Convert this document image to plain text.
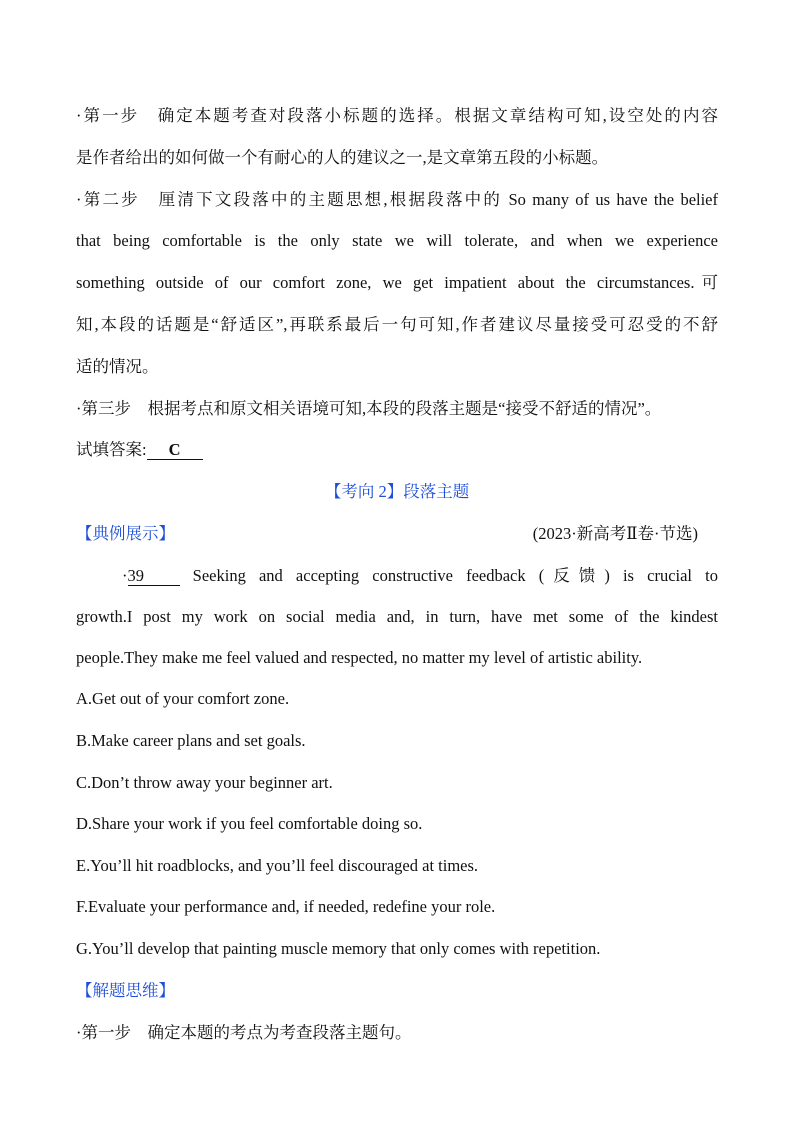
·第一步　确定本题考查对段落小标题的选择。根据文章结构可知,设空处的内容
是作者给出的如何做一个有耐心的人的建议之一,是文章第五段的小标题。
·第二步　厘清下文段落中的主题思想,根据段落中的 So many of us have the belief
that being comfortable is the only state we will tolerate, and when we experience
something outside of our comfort zone, we get impatient about the circumstances.可
知,本段的话题是“舒适区”,再联系最后一句可知,作者建议尽量接受可忍受的不舒
适的情况。
·第三步　根据考点和原文相关语境可知,本段的段落主题是“接受不舒适的情况”。
试填答案: C
【考向 2】段落主题
【典例展示】	(2023·新高考Ⅱ卷·节选)
·39	Seeking and accepting constructive feedback (反馈) is crucial to
growth.I post my work on social media and, in turn, have met some of the kindest
people.They make me feel valued and respected, no matter my level of artistic ability.
A.Get out of your comfort zone.
B.Make career plans and set goals.
C.Don’t throw away your beginner art.
D.Share your work if you feel comfortable doing so.
E.You’ll hit roadblocks, and you’ll feel discouraged at times.
F.Evaluate your performance and, if needed, redefine your role.
G.You’ll develop that painting muscle memory that only comes with repetition.
【解题思维】
·第一步　确定本题的考点为考查段落主题句。
